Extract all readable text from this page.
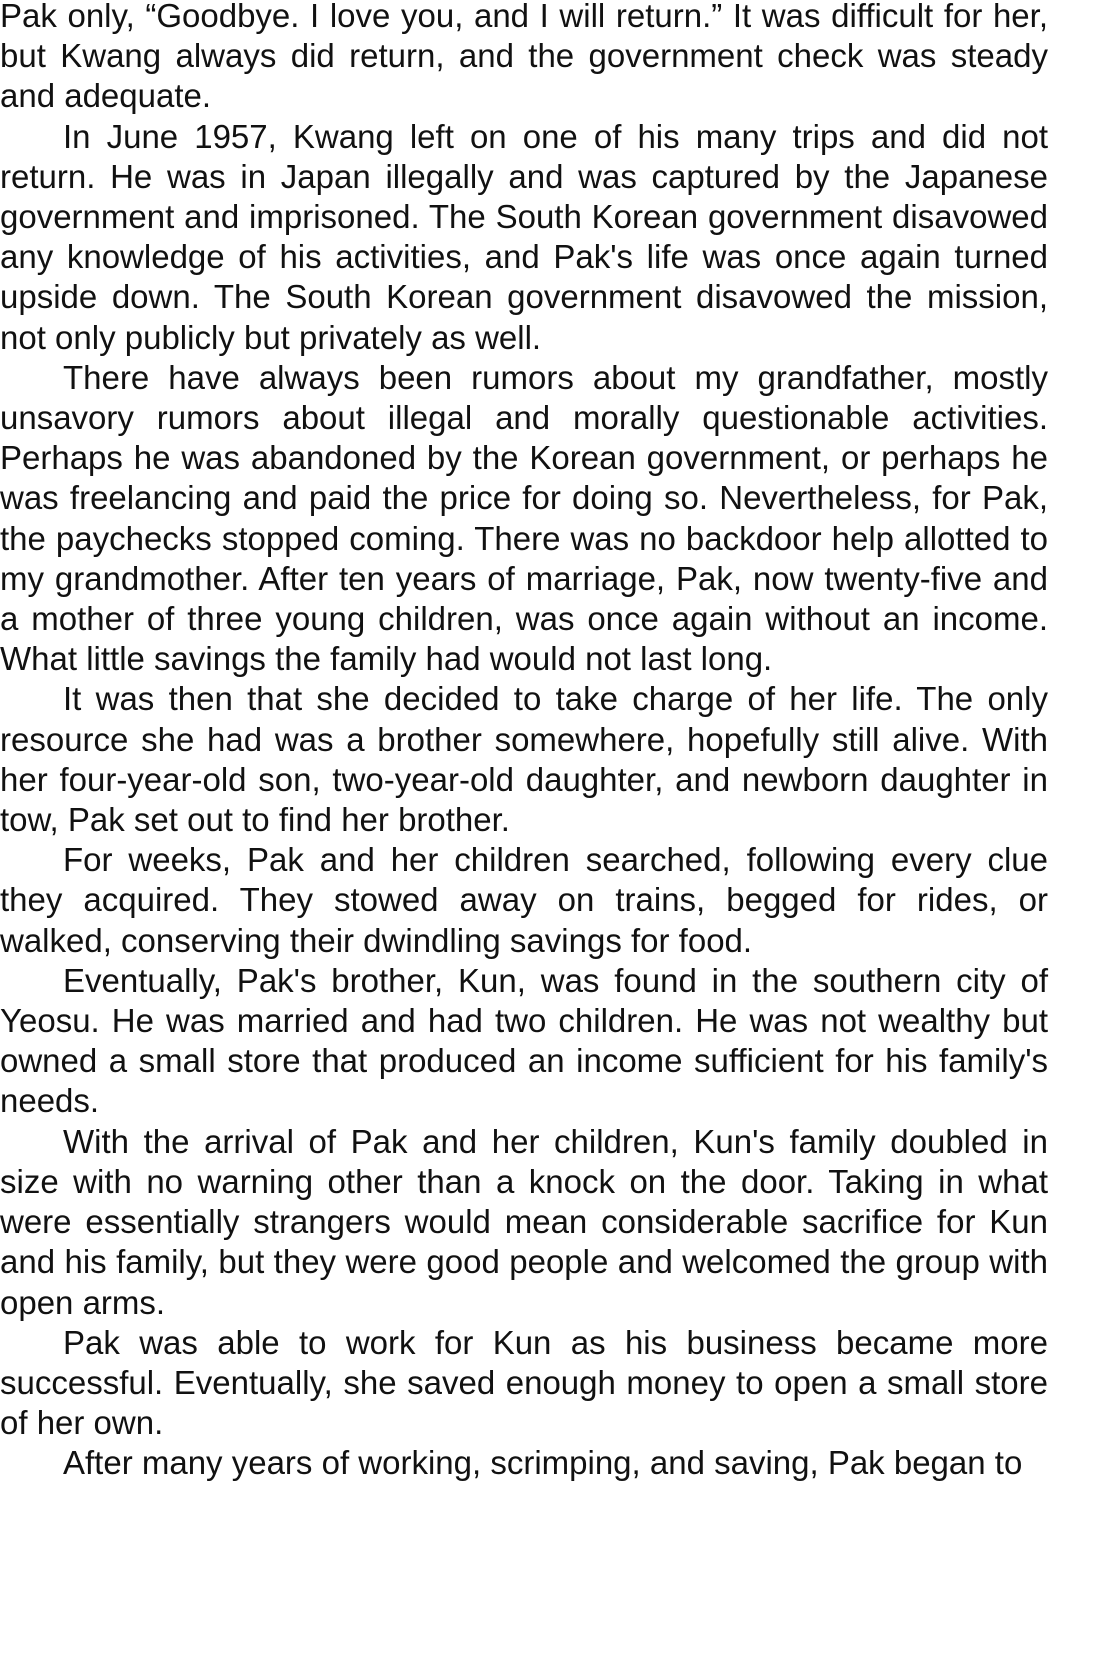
Pak only, “Goodbye. I love you, and I will return.” It was difficult for her, but Kwang always did return, and the government check was steady and adequate.

In June 1957, Kwang left on one of his many trips and did not return. He was in Japan illegally and was captured by the Japanese government and imprisoned. The South Korean government disavowed any knowledge of his activities, and Pak's life was once again turned upside down. The South Korean government disavowed the mission, not only publicly but privately as well.

There have always been rumors about my grandfather, mostly unsavory rumors about illegal and morally questionable activities. Perhaps he was abandoned by the Korean government, or perhaps he was freelancing and paid the price for doing so. Nevertheless, for Pak, the paychecks stopped coming. There was no backdoor help allotted to my grandmother. After ten years of marriage, Pak, now twenty-five and a mother of three young children, was once again without an income. What little savings the family had would not last long.

It was then that she decided to take charge of her life. The only resource she had was a brother somewhere, hopefully still alive. With her four-year-old son, two-year-old daughter, and newborn daughter in tow, Pak set out to find her brother.

For weeks, Pak and her children searched, following every clue they acquired. They stowed away on trains, begged for rides, or walked, conserving their dwindling savings for food.

Eventually, Pak's brother, Kun, was found in the southern city of Yeosu. He was married and had two children. He was not wealthy but owned a small store that produced an income sufficient for his family's needs.

With the arrival of Pak and her children, Kun's family doubled in size with no warning other than a knock on the door. Taking in what were essentially strangers would mean considerable sacrifice for Kun and his family, but they were good people and welcomed the group with open arms.

Pak was able to work for Kun as his business became more successful. Eventually, she saved enough money to open a small store of her own.

After many years of working, scrimping, and saving, Pak began to
